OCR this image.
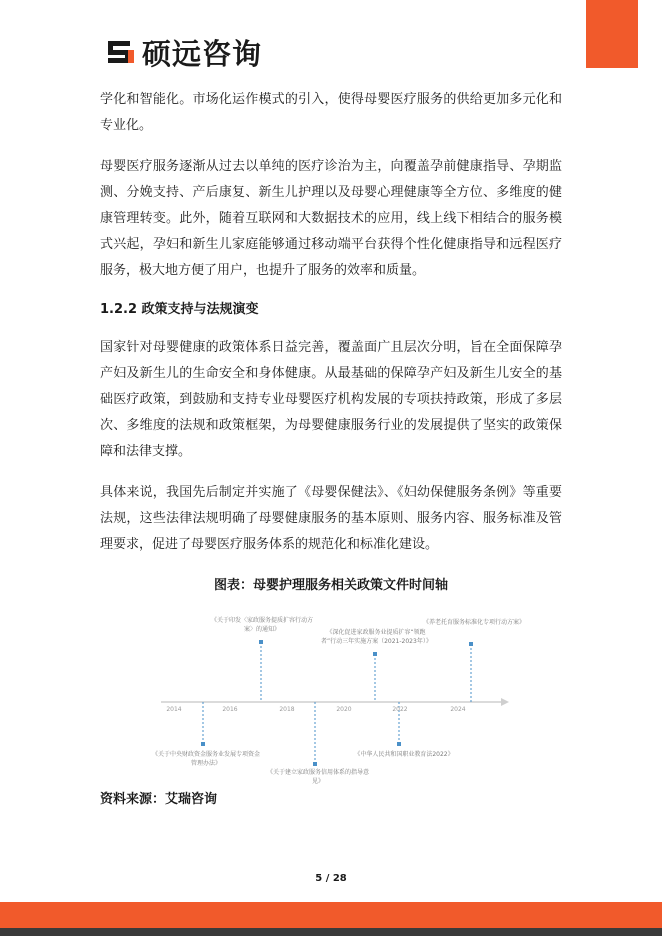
硕远咨询

学化和智能化。市场化运作模式的引入，使得母婴医疗服务的供给更加多元化和专业化。

母婴医疗服务逐渐从过去以单纯的医疗诊治为主，向覆盖孕前健康指导、孕期监测、分娩支持、产后康复、新生儿护理以及母婴心理健康等全方位、多维度的健康管理转变。此外，随着互联网和大数据技术的应用，线上线下相结合的服务模式兴起，孕妇和新生儿家庭能够通过移动端平台获得个性化健康指导和远程医疗服务，极大地方便了用户，也提升了服务的效率和质量。

1.2.2 政策支持与法规演变

国家针对母婴健康的政策体系日益完善，覆盖面广且层次分明，旨在全面保障孕产妇及新生儿的生命安全和身体健康。从最基础的保障孕产妇及新生儿安全的基础医疗政策，到鼓励和支持专业母婴医疗机构发展的专项扶持政策，形成了多层次、多维度的法规和政策框架，为母婴健康服务行业的发展提供了坚实的政策保障和法律支撑。

具体来说，我国先后制定并实施了《母婴保健法》、《妇幼保健服务条例》等重要法规，这些法律法规明确了母婴健康服务的基本原则、服务内容、服务标准及管理要求，促进了母婴医疗服务体系的规范化和标准化建设。

图表：母婴护理服务相关政策文件时间轴
2014	2016	2018	2020	2022	2024
《关于印发〈家政服务提质扩容行动方案〉的通知》	《深化促进家政服务业提质扩容“领跑者”行动三年实施方案（2021-2023年）》
《养老托育服务标准化专项行动方案》
《关于中央财政资金服务业发展专项资金管理办法》
《关于建立家政服务信用体系的指导意见》
《中华人民共和国职业教育法2022》
资料来源：艾瑞咨询
5 / 28
